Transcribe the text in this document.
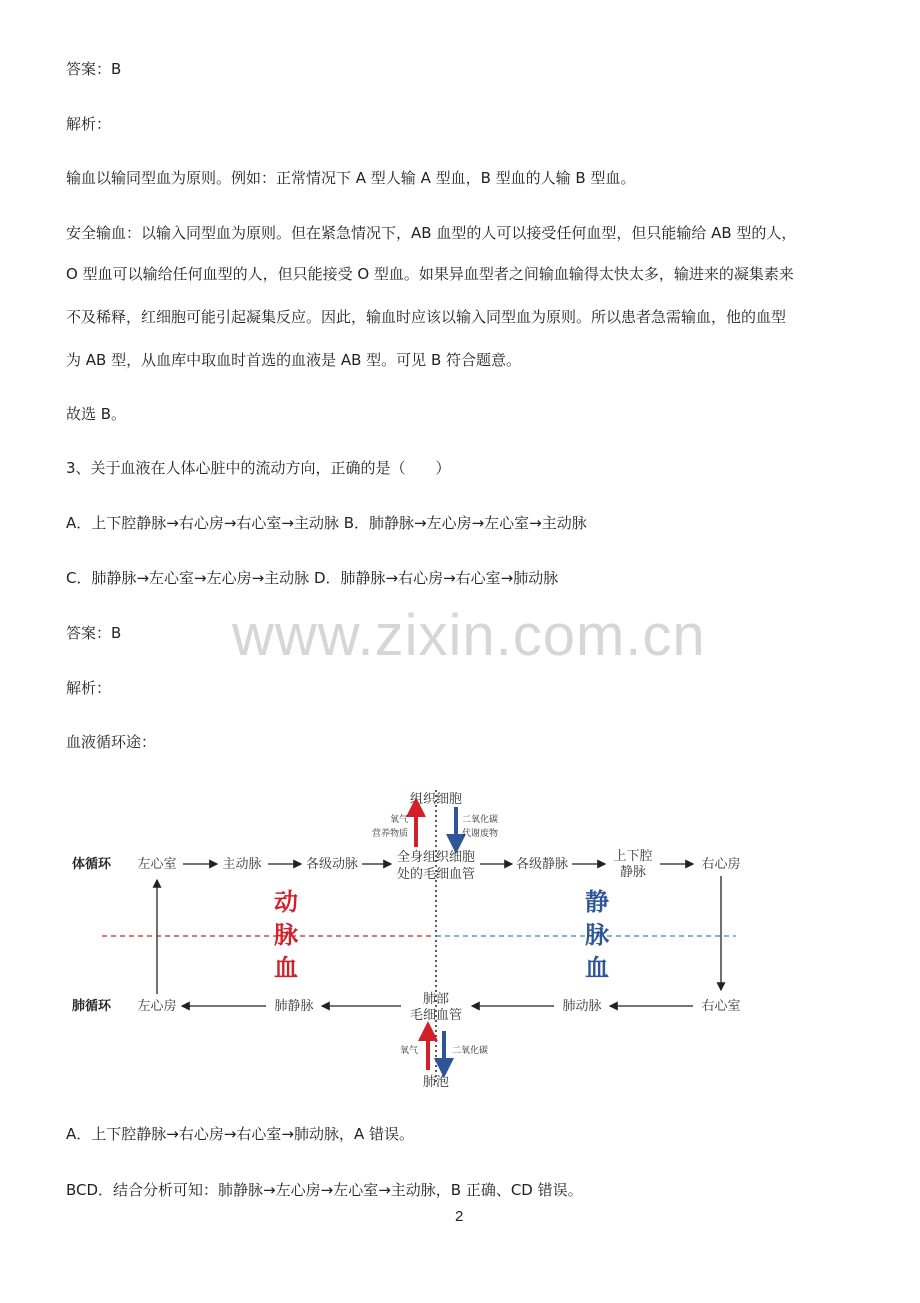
答案：B
解析：
输血以输同型血为原则。例如：正常情况下 A 型人输 A 型血，B 型血的人输 B 型血。
安全输血：以输入同型血为原则。但在紧急情况下，AB 血型的人可以接受任何血型，但只能输给 AB 型的人，
O 型血可以输给任何血型的人，但只能接受 O 型血。如果异血型者之间输血输得太快太多，输进来的凝集素来
不及稀释，红细胞可能引起凝集反应。因此，输血时应该以输入同型血为原则。所以患者急需输血，他的血型
为 AB 型，从血库中取血时首选的血液是 AB 型。可见 B 符合题意。
故选 B。
3、关于血液在人体心脏中的流动方向，正确的是（　　）
A．上下腔静脉→右心房→右心室→主动脉 B．肺静脉→左心房→左心室→主动脉
C．肺静脉→左心室→左心房→主动脉 D．肺静脉→右心房→右心室→肺动脉
答案：B
解析：
血液循环途：
组织细胞
氧气
营养物质
二氧化碳
代谢废物
体循环 左心室	主动脉	各级动脉	全身组织细胞
处的毛细血管
各级静脉
上下腔
静脉
右心房
动
脉
血
静
脉
血
肺循环 左心房	肺静脉	肺部
毛细血管
肺动脉	右心室
氧气	二氧化碳
肺泡
A．上下腔静脉→右心房→右心室→肺动脉，A 错误。
BCD．结合分析可知：肺静脉→左心房→左心室→主动脉，B 正确、CD 错误。
www.zixin.com.cn
2
